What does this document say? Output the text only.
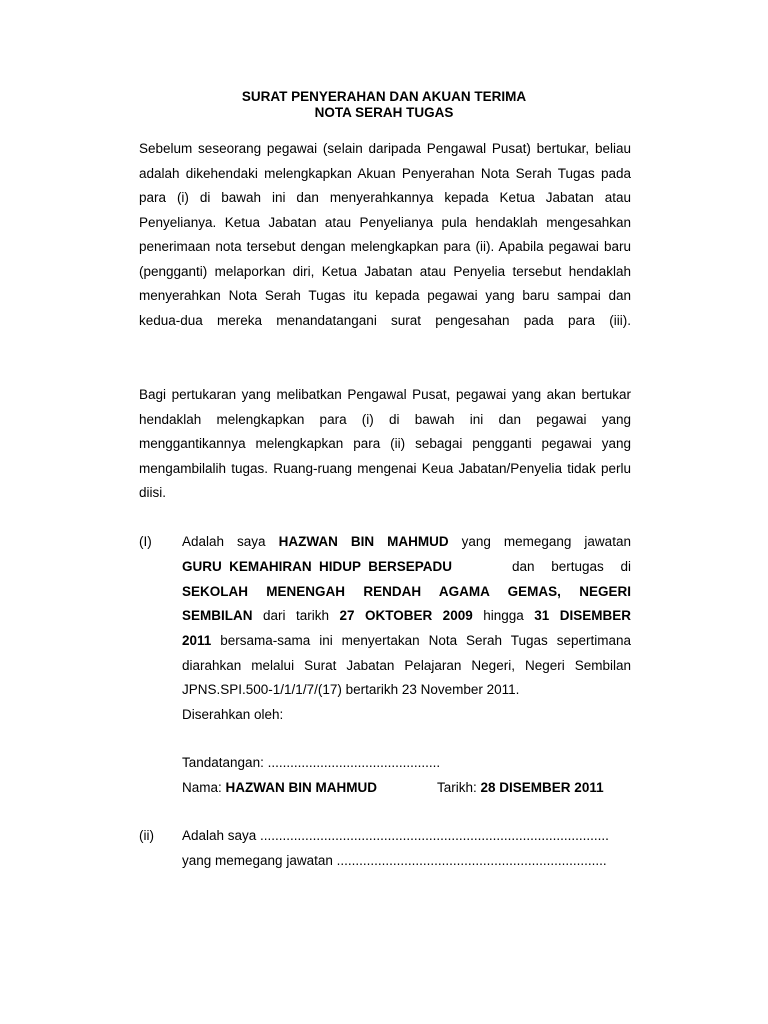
SURAT PENYERAHAN DAN AKUAN TERIMA
NOTA SERAH TUGAS

Sebelum seseorang pegawai (selain daripada Pengawal Pusat) bertukar, beliau adalah dikehendaki melengkapkan Akuan Penyerahan Nota Serah Tugas pada para (i) di bawah ini dan menyerahkannya kepada Ketua Jabatan atau Penyelianya. Ketua Jabatan atau Penyelianya pula hendaklah mengesahkan penerimaan nota tersebut dengan melengkapkan para (ii). Apabila pegawai baru (pengganti) melaporkan diri, Ketua Jabatan atau Penyelia tersebut hendaklah menyerahkan Nota Serah Tugas itu kepada pegawai yang baru sampai dan kedua-dua mereka menandatangani surat pengesahan pada para (iii).

Bagi pertukaran yang melibatkan Pengawal Pusat, pegawai yang akan bertukar hendaklah melengkapkan para (i) di bawah ini dan pegawai yang menggantikannya melengkapkan para (ii) sebagai pengganti pegawai yang mengambilalih tugas. Ruang-ruang mengenai Keua Jabatan/Penyelia tidak perlu diisi.

(I) Adalah saya HAZWAN BIN MAHMUD yang memegang jawatan
GURU KEMAHIRAN HIDUP BERSEPADU	dan bertugas di
SEKOLAH MENENGAH RENDAH AGAMA GEMAS, NEGERI
SEMBILAN dari tarikh 27 OKTOBER 2009 hingga 31 DISEMBER
2011 bersama-sama ini menyertakan Nota Serah Tugas sepertimana
diarahkan melalui Surat Jabatan Pelajaran Negeri, Negeri Sembilan
JPNS.SPI.500-1/1/1/7/(17) bertarikh 23 November 2011.
Diserahkan oleh:
Tandatangan: ..............................................
Nama: HAZWAN BIN MAHMUD	Tarikh: 28 DISEMBER 2011
(ii) Adalah saya .............................................................................................
yang memegang jawatan ........................................................................
